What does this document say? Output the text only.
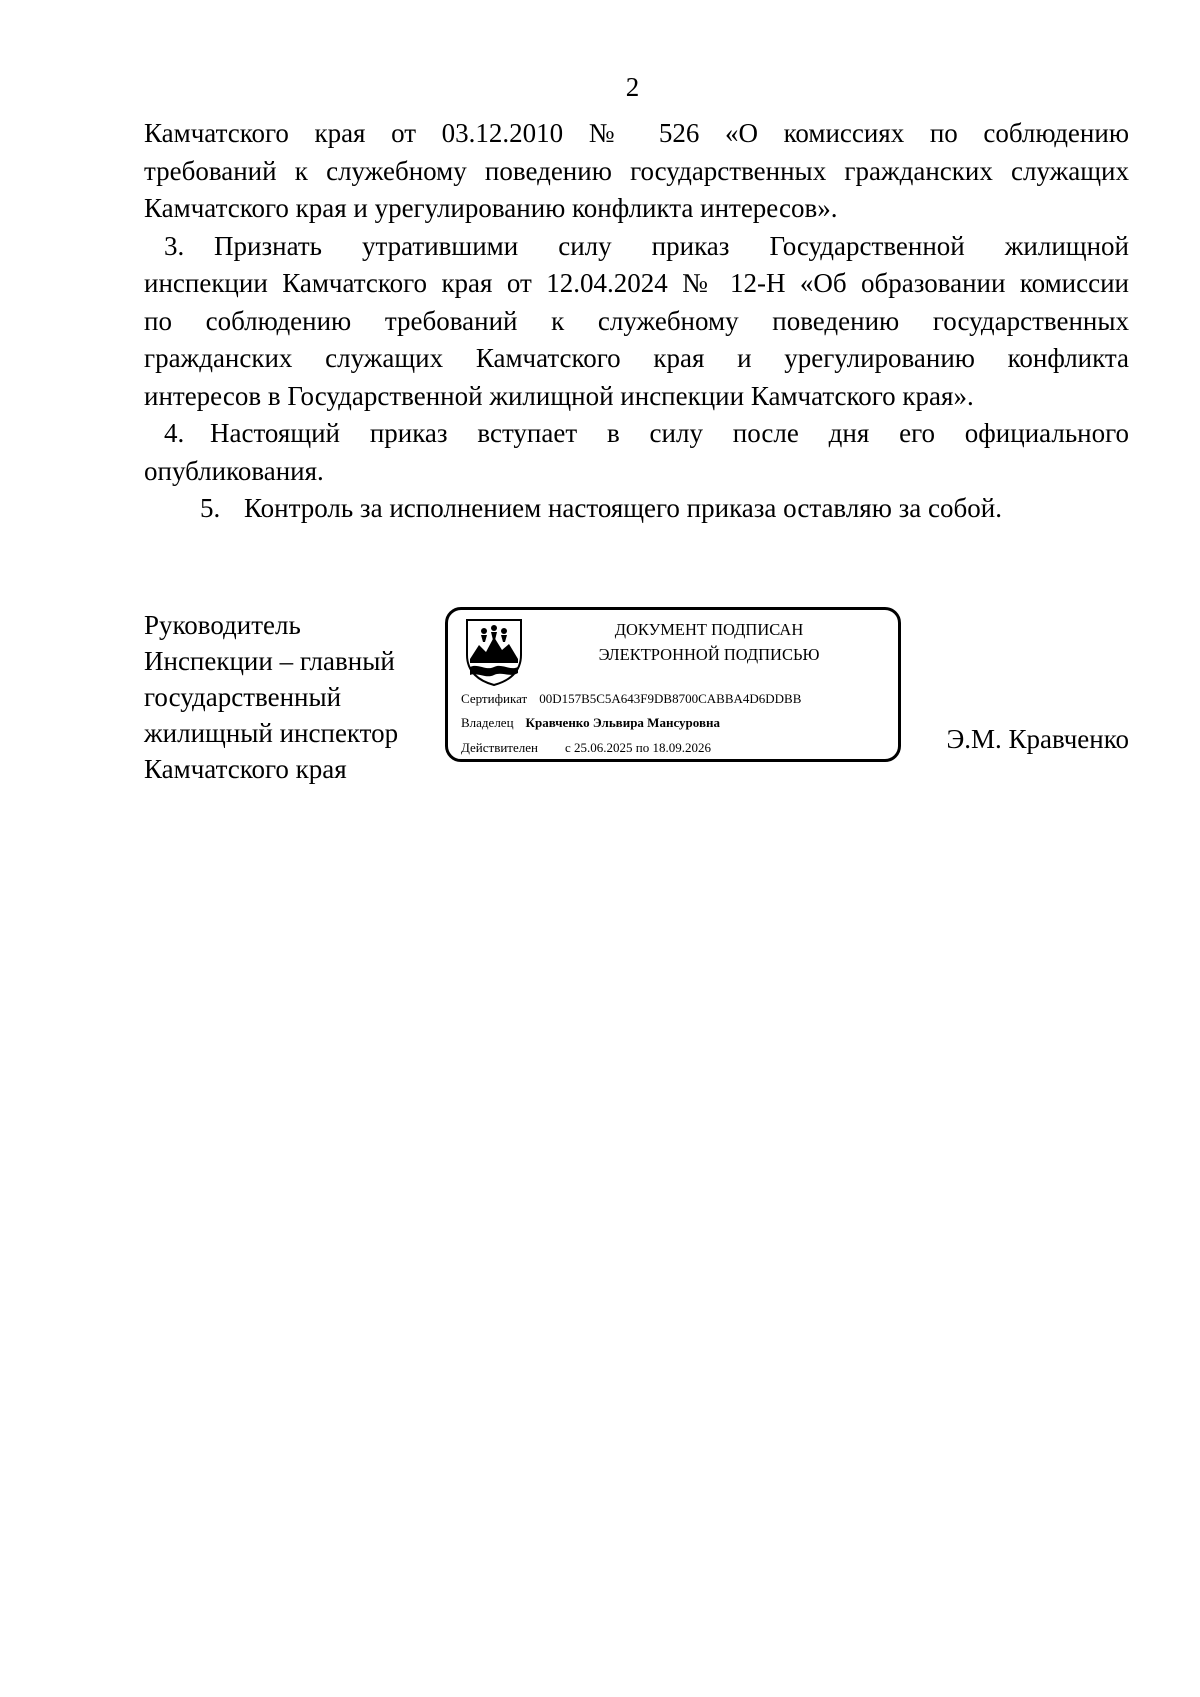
2
Камчатского края от 03.12.2010 № 526 «О комиссиях по соблюдению
требований к служебному поведению государственных гражданских служащих
Камчатского края и урегулированию конфликта интересов».
3. Признать утратившими силу приказ Государственной жилищной
инспекции Камчатского края от 12.04.2024 № 12-Н «Об образовании комиссии
по соблюдению требований к служебному поведению государственных
гражданских служащих Камчатского края и урегулированию конфликта
интересов в Государственной жилищной инспекции Камчатского края».
4. Настоящий приказ вступает в силу после дня его официального
опубликования.
5. Контроль за исполнением настоящего приказа оставляю за собой.
Руководитель
Инспекции – главный
государственный
жилищный инспектор
Камчатского края
ДОКУМЕНТ ПОДПИСАН
ЭЛЕКТРОННОЙ ПОДПИСЬЮ
Сертификат 00D157B5C5A643F9DB8700CABBA4D6DDBB
Владелец Кравченко Эльвира Мансуровна
Действителен с 25.06.2025 по 18.09.2026	Э.М. Кравченко
